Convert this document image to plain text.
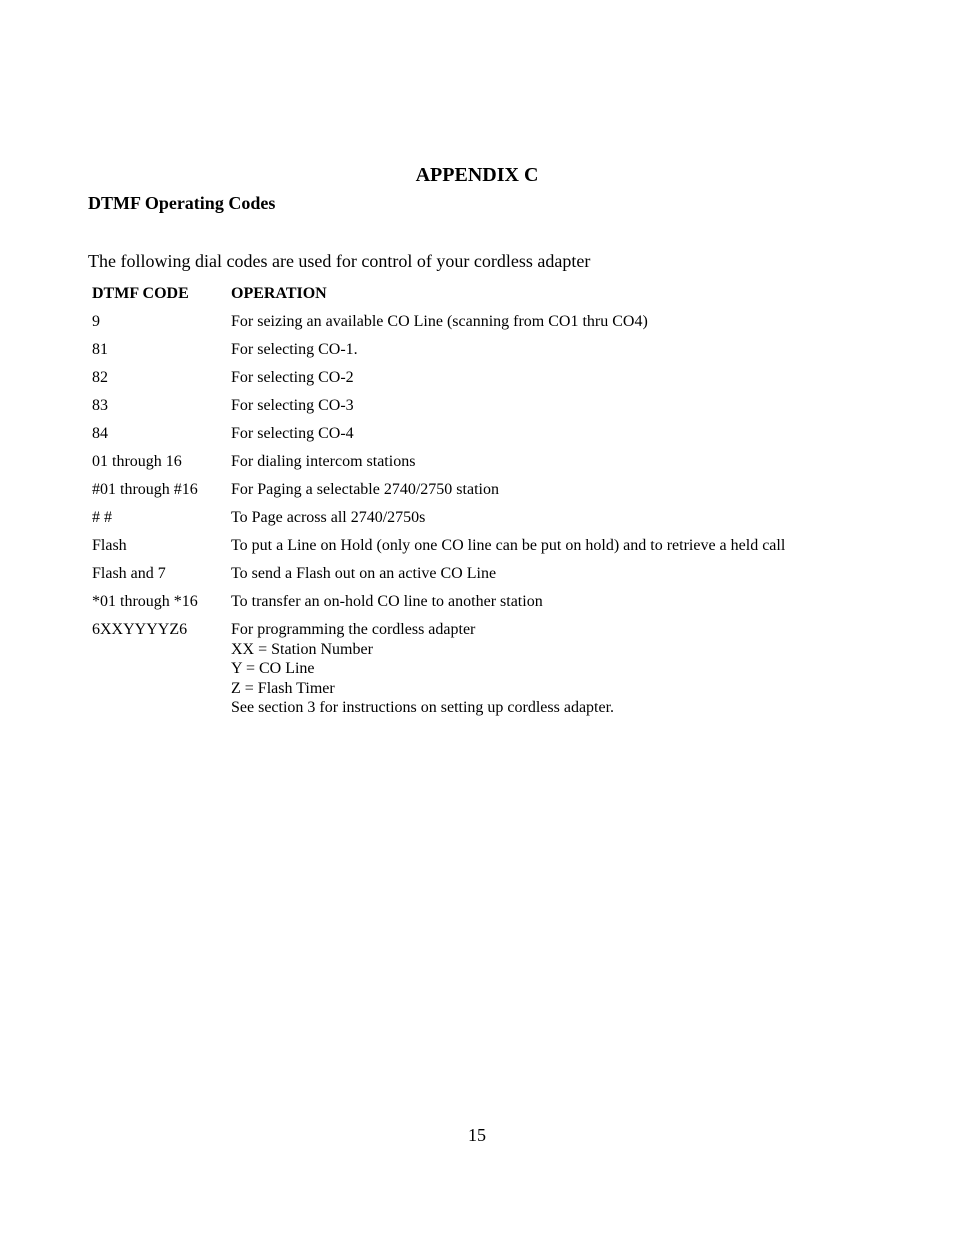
APPENDIX C
DTMF Operating Codes
The following dial codes are used for control of your cordless adapter
DTMF CODE	OPERATION
9	For seizing an available CO Line (scanning from CO1 thru CO4)

81	For selecting CO-1.

82	For selecting CO-2

83	For selecting CO-3

84	For selecting CO-4

01 through 16	For dialing intercom stations

#01 through #16	For Paging a selectable 2740/2750 station

# #	To Page across all 2740/2750s

Flash	To put a Line on Hold (only one CO line can be put on hold) and to retrieve a held call

Flash and 7	To send a Flash out on an active CO Line

*01 through *16	To transfer an on-hold CO line to another station

6XXYYYYZ6	For programming the cordless adapter
XX = Station Number
Y = CO Line
Z = Flash Timer
See section 3 for instructions on setting up cordless adapter.
15
